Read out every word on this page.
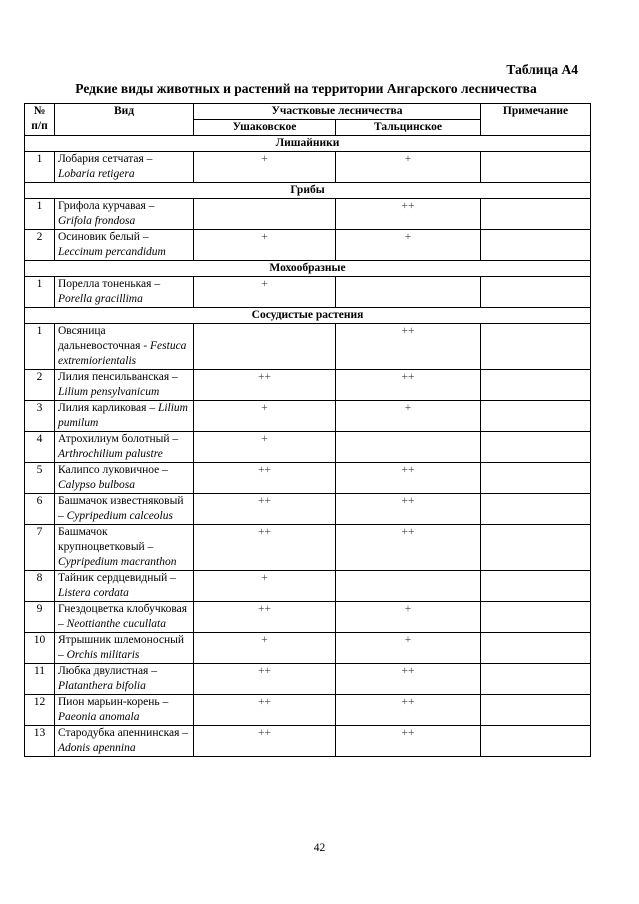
Таблица А4
Редкие виды животных и растений на территории Ангарского лесничества
№ п/п	Вид	Участковые лесничества		Примечание
		Ушаковское	Тальцинское	
Лишайники				
1	Лобария сетчатая – Lobaria retigera	+	+	
Грибы				
1	Грифола курчавая – Grifola frondosa		++	
2	Осиновик белый – Leccinum percandidum	+	+	
Мохообразные				
1	Порелла тоненькая – Porella gracillima	+		
Сосудистые растения				
1	Овсяница дальневосточная - Festuca extremiorientalis		++	
2	Лилия пенсильванская – Lilium pensylvanicum	++	++	
3	Лилия карликовая – Lilium pumilum	+	+	
4	Атрохилиум болотный – Arthrochilium palustre	+		
5	Калипсо луковичное – Calypso bulbosa	++	++	
6	Башмачок известняковый – Cypripedium calceolus	++	++	
7	Башмачок крупноцветковый – Cypripedium macranthon	++	++	
8	Тайник сердцевидный – Listera cordata	+		
9	Гнездоцветка клобучковая – Neottianthe cucullata	++	+	
10	Ятрышник шлемоносный – Orchis militaris	+	+	
11	Любка двулистная – Platanthera bifolia	++	++	
12	Пион марьин-корень – Paeonia anomala	++	++	
13	Стародубка апеннинская – Adonis apennina	++	++	
42
